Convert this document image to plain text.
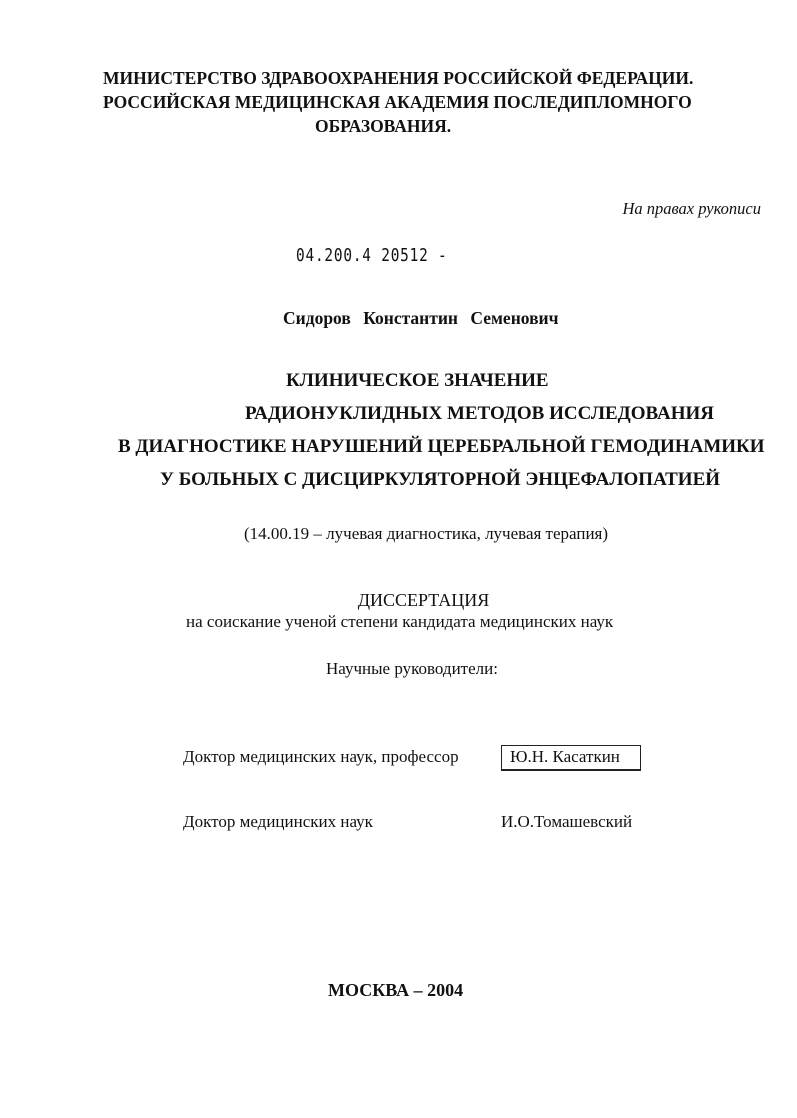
МИНИСТЕРСТВО ЗДРАВООХРАНЕНИЯ РОССИЙСКОЙ ФЕДЕРАЦИИ.
РОССИЙСКАЯ МЕДИЦИНСКАЯ АКАДЕМИЯ ПОСЛЕДИПЛОМНОГО
ОБРАЗОВАНИЯ.
На правах рукописи
04.200.4 20512 -
Сидоров Константин Семенович
КЛИНИЧЕСКОЕ ЗНАЧЕНИЕ
РАДИОНУКЛИДНЫХ МЕТОДОВ ИССЛЕДОВАНИЯ
В ДИАГНОСТИКЕ НАРУШЕНИЙ ЦЕРЕБРАЛЬНОЙ ГЕМОДИНАМИКИ
У БОЛЬНЫХ С ДИСЦИРКУЛЯТОРНОЙ ЭНЦЕФАЛОПАТИЕЙ
(14.00.19 – лучевая диагностика, лучевая терапия)
ДИССЕРТАЦИЯ
на соискание ученой степени кандидата медицинских наук
Научные руководители:
Доктор медицинских наук, профессор	Ю.Н. Касаткин
Доктор медицинских наук	И.О.Томашевский
МОСКВА – 2004
